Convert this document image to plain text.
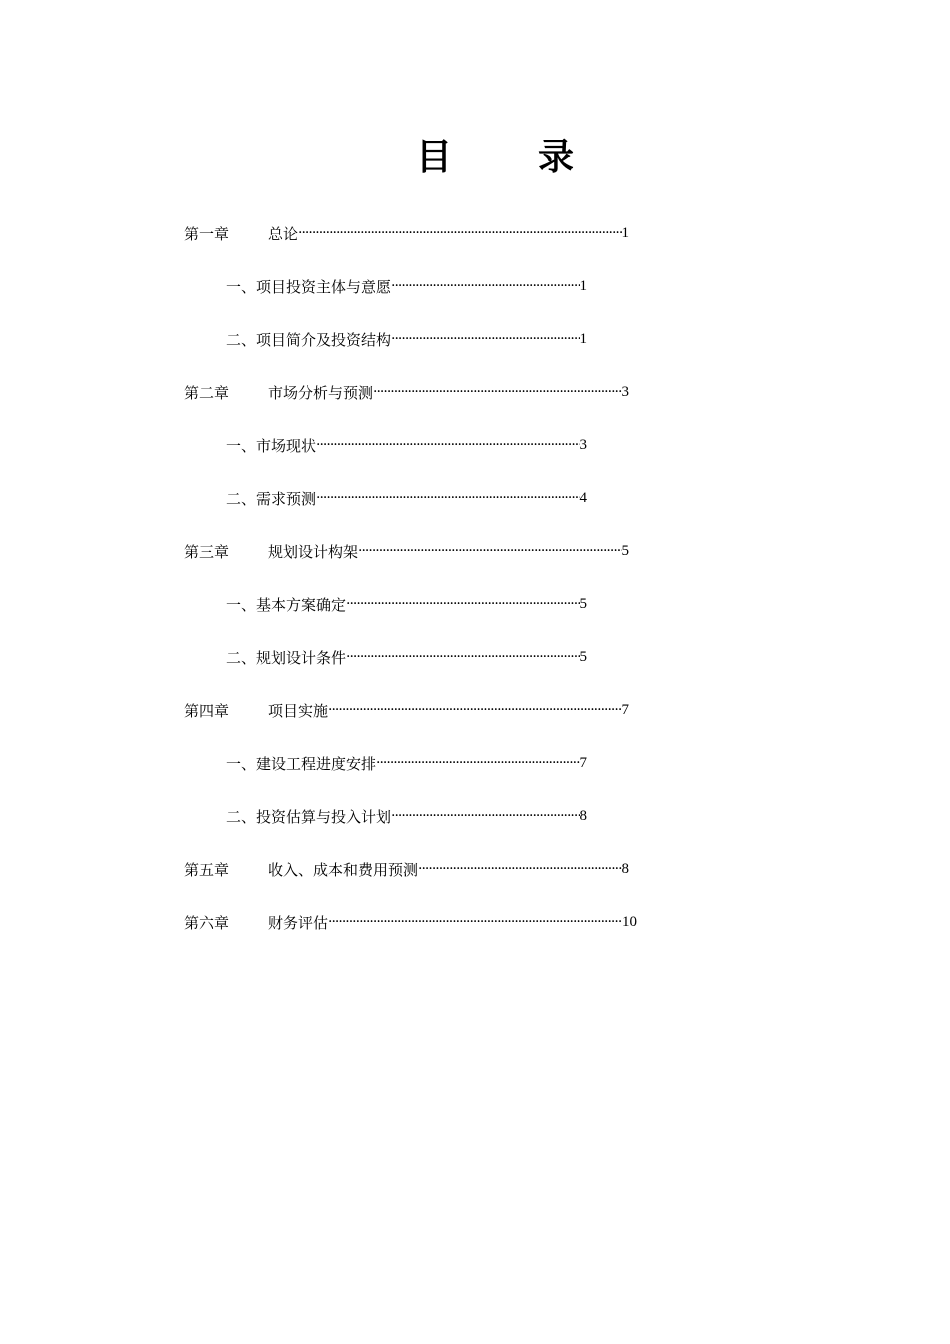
目 录
第一章	总论 ·····	1
一、项目投资主体与意愿 ·····	1
二、项目简介及投资结构 ·····	1
第二章	市场分析与预测 ·····	3
一、市场现状 ·····	3
二、需求预测 ·····	4
第三章	规划设计构架 ·····	5
一、基本方案确定 ·····	5
二、规划设计条件 ·····	5
第四章	项目实施 ·····	7
一、建设工程进度安排 ·····	7
二、投资估算与投入计划 ·····	8
第五章	收入、成本和费用预测 ·····	8
第六章	财务评估 ·····	10
